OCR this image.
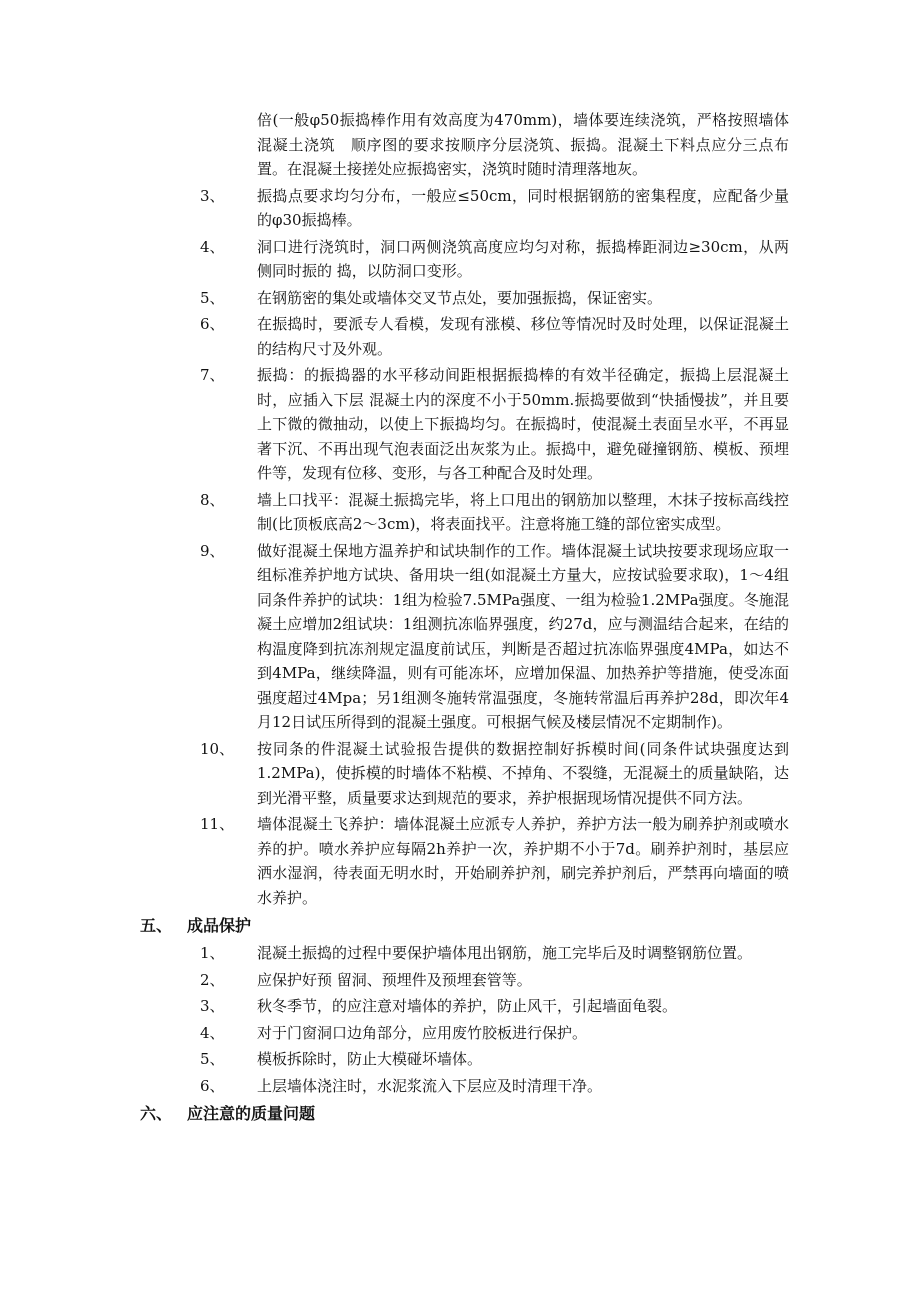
倍(一般φ50振捣棒作用有效高度为470mm)，墙体要连续浇筑，严格按照墙体混凝土浇筑　顺序图的要求按顺序分层浇筑、振捣。混凝土下料点应分三点布置。在混凝土接搓处应振捣密实，浇筑时随时清理落地灰。
3、	振捣点要求均匀分布，一般应≤50cm，同时根据钢筋的密集程度，应配备少量的φ30振捣棒。
4、	洞口进行浇筑时，洞口两侧浇筑高度应均匀对称，振捣棒距洞边≥30cm，从两侧同时振的 捣，以防洞口变形。
5、	在钢筋密的集处或墙体交叉节点处，要加强振捣，保证密实。
6、	在振捣时，要派专人看模，发现有涨模、移位等情况时及时处理，以保证混凝土的结构尺寸及外观。
7、	振捣：的振捣器的水平移动间距根据振捣棒的有效半径确定，振捣上层混凝土时，应插入下层 混凝土内的深度不小于50mm.振捣要做到“快插慢拔”，并且要上下微的微抽动，以使上下振捣均匀。在振捣时，使混凝土表面呈水平，不再显著下沉、不再出现气泡表面泛出灰浆为止。振捣中，避免碰撞钢筋、模板、预埋件等，发现有位移、变形，与各工种配合及时处理。
8、	墙上口找平：混凝土振捣完毕，将上口甩出的钢筋加以整理，木抹子按标高线控制(比顶板底高2～3cm)，将表面找平。注意将施工缝的部位密实成型。
9、	做好混凝土保地方温养护和试块制作的工作。墙体混凝土试块按要求现场应取一组标准养护地方试块、备用块一组(如混凝土方量大，应按试验要求取)，1～4组同条件养护的试块：1组为检验7.5MPa强度、一组为检验1.2MPa强度。冬施混凝土应增加2组试块：1组测抗冻临界强度，约27d，应与测温结合起来，在结的构温度降到抗冻剂规定温度前试压，判断是否超过抗冻临界强度4MPa，如达不到4MPa，继续降温，则有可能冻坏，应增加保温、加热养护等措施，使受冻面强度超过4Mpa；另1组测冬施转常温强度，冬施转常温后再养护28d，即次年4月12日试压所得到的混凝土强度。可根据气候及楼层情况不定期制作)。
10、	按同条的件混凝土试验报告提供的数据控制好拆模时间(同条件试块强度达到1.2MPa)，使拆模的时墙体不粘模、不掉角、不裂缝，无混凝土的质量缺陷，达到光滑平整，质量要求达到规范的要求，养护根据现场情况提供不同方法。
11、	墙体混凝土飞养护：墙体混凝土应派专人养护，养护方法一般为刷养护剂或喷水养的护。喷水养护应每隔2h养护一次，养护期不小于7d。刷养护剂时，基层应洒水湿润，待表面无明水时，开始刷养护剂，刷完养护剂后，严禁再向墙面的喷水养护。
五、 成品保护
1、	混凝土振捣的过程中要保护墙体甩出钢筋，施工完毕后及时调整钢筋位置。
2、	应保护好预 留洞、预埋件及预埋套管等。
3、	秋冬季节，的应注意对墙体的养护，防止风干，引起墙面龟裂。
4、	对于门窗洞口边角部分，应用废竹胶板进行保护。
5、	模板拆除时，防止大模碰坏墙体。
6、	上层墙体浇注时，水泥浆流入下层应及时清理干净。
六、 应注意的质量问题
